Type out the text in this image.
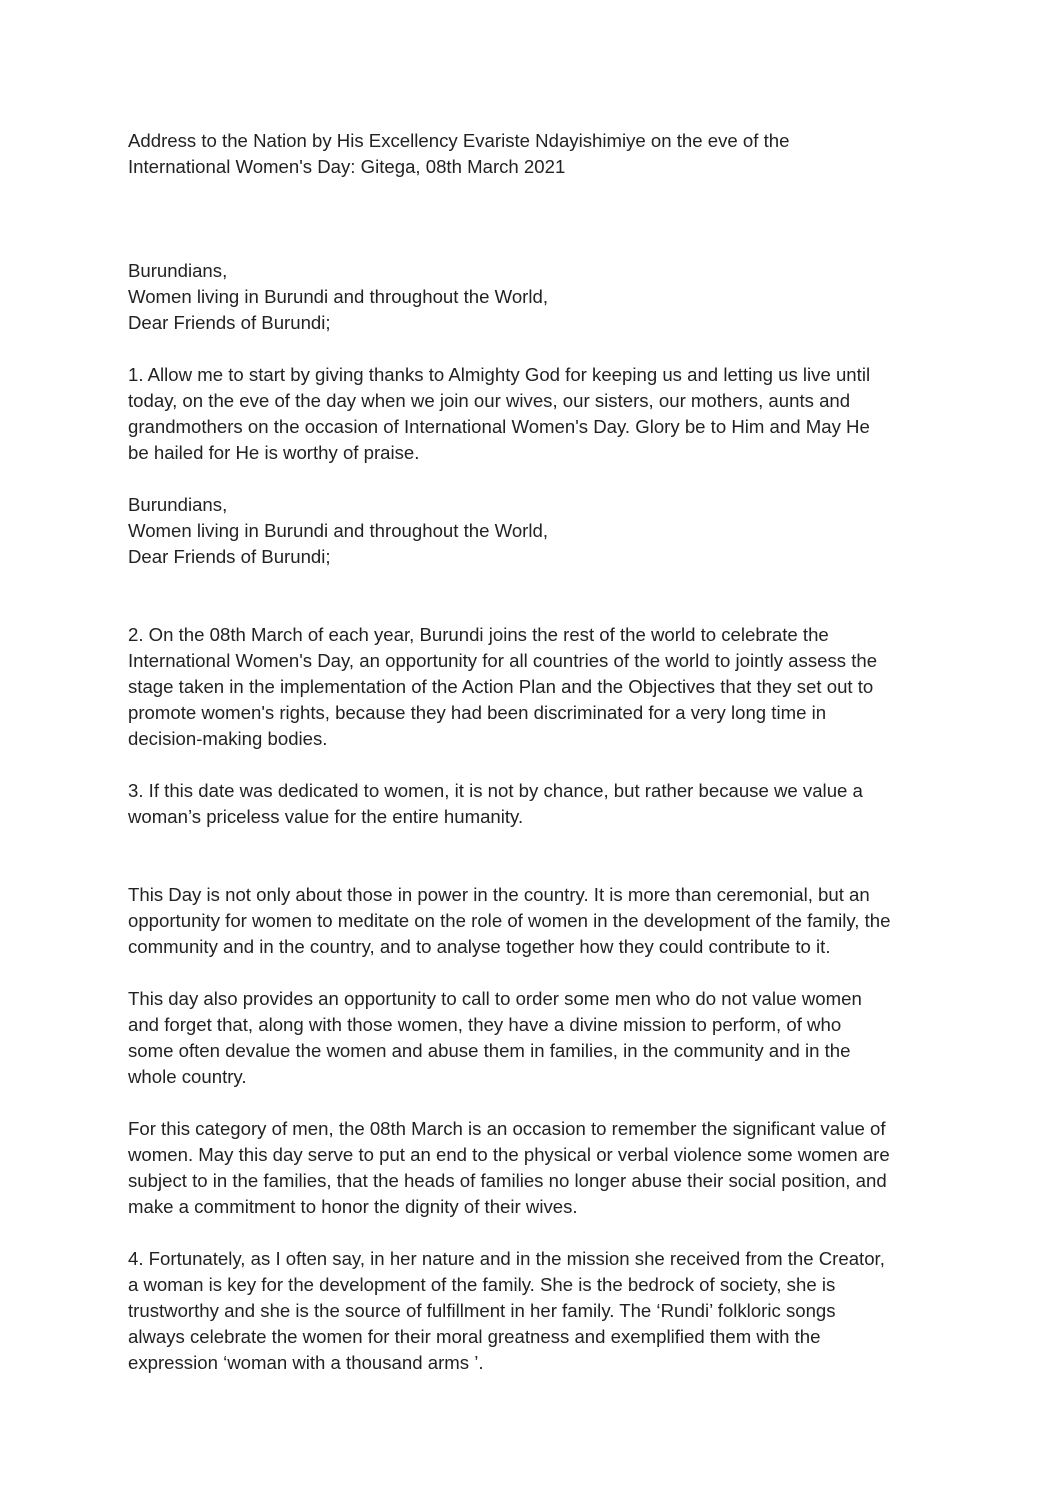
Address to the Nation by His Excellency Evariste Ndayishimiye on the eve of the
International Women's Day: Gitega, 08th March 2021
Burundians,
Women living in Burundi and throughout the World,
Dear Friends of Burundi;
1. Allow me to start by giving thanks to Almighty God for keeping us and letting us live until
today, on the eve of the day when we join our wives, our sisters, our mothers, aunts and
grandmothers on the occasion of International Women's Day. Glory be to Him and May He
be hailed for He is worthy of praise.
Burundians,
Women living in Burundi and throughout the World,
Dear Friends of Burundi;
2. On the 08th March of each year, Burundi joins the rest of the world to celebrate the
International Women's Day, an opportunity for all countries of the world to jointly assess the
stage taken in the implementation of the Action Plan and the Objectives that they set out to
promote women's rights, because they had been discriminated for a very long time in
decision-making bodies.
3. If this date was dedicated to women, it is not by chance, but rather because we value a
woman’s priceless value for the entire humanity.
This Day is not only about those in power in the country. It is more than ceremonial, but an
opportunity for women to meditate on the role of women in the development of the family, the
community and in the country, and to analyse together how they could contribute to it.
This day also provides an opportunity to call to order some men who do not value women
and forget that, along with those women, they have a divine mission to perform, of who
some often devalue the women and abuse them in families, in the community and in the
whole country.
For this category of men, the 08th March is an occasion to remember the significant value of
women. May this day serve to put an end to the physical or verbal violence some women are
subject to in the families, that the heads of families no longer abuse their social position, and
make a commitment to honor the dignity of their wives.
4. Fortunately, as I often say, in her nature and in the mission she received from the Creator,
a woman is key for the development of the family. She is the bedrock of society, she is
trustworthy and she is the source of fulfillment in her family. The ‘Rundi’ folkloric songs
always celebrate the women for their moral greatness and exemplified them with the
expression ‘woman with a thousand arms ’.
